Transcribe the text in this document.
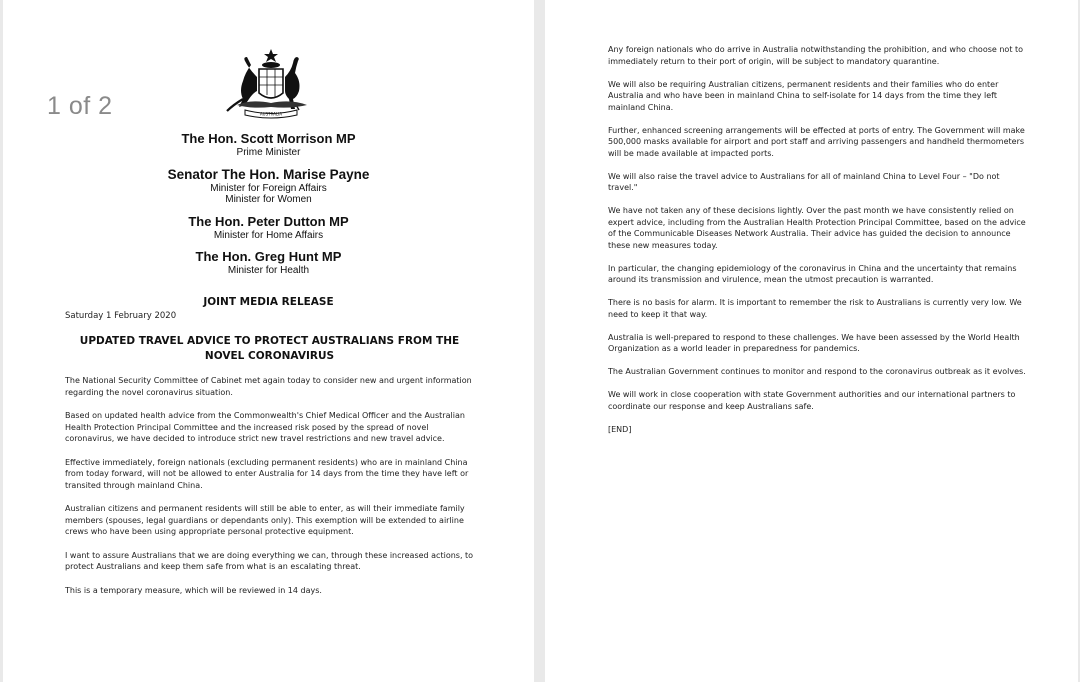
1 of 2	AUSTRALIA
The Hon. Scott Morrison MP
Prime Minister
Senator The Hon. Marise Payne
Minister for Foreign Affairs
Minister for Women
The Hon. Peter Dutton MP
Minister for Home Affairs
The Hon. Greg Hunt MP
Minister for Health
JOINT MEDIA RELEASE
Saturday 1 February 2020
UPDATED TRAVEL ADVICE TO PROTECT AUSTRALIANS FROM THE NOVEL CORONAVIRUS

The National Security Committee of Cabinet met again today to consider new and urgent information regarding the novel coronavirus situation.

Based on updated health advice from the Commonwealth's Chief Medical Officer and the Australian Health Protection Principal Committee and the increased risk posed by the spread of novel coronavirus, we have decided to introduce strict new travel restrictions and new travel advice.

Effective immediately, foreign nationals (excluding permanent residents) who are in mainland China from today forward, will not be allowed to enter Australia for 14 days from the time they have left or transited through mainland China.

Australian citizens and permanent residents will still be able to enter, as will their immediate family members (spouses, legal guardians or dependants only). This exemption will be extended to airline crews who have been using appropriate personal protective equipment.

I want to assure Australians that we are doing everything we can, through these increased actions, to protect Australians and keep them safe from what is an escalating threat.

This is a temporary measure, which will be reviewed in 14 days.

Any foreign nationals who do arrive in Australia notwithstanding the prohibition, and who choose not to immediately return to their port of origin, will be subject to mandatory quarantine.

We will also be requiring Australian citizens, permanent residents and their families who do enter Australia and who have been in mainland China to self-isolate for 14 days from the time they left mainland China.

Further, enhanced screening arrangements will be effected at ports of entry. The Government will make 500,000 masks available for airport and port staff and arriving passengers and handheld thermometers will be made available at impacted ports.

We will also raise the travel advice to Australians for all of mainland China to Level Four – "Do not travel."

We have not taken any of these decisions lightly. Over the past month we have consistently relied on expert advice, including from the Australian Health Protection Principal Committee, based on the advice of the Communicable Diseases Network Australia. Their advice has guided the decision to announce these new measures today.

In particular, the changing epidemiology of the coronavirus in China and the uncertainty that remains around its transmission and virulence, mean the utmost precaution is warranted.

There is no basis for alarm. It is important to remember the risk to Australians is currently very low. We need to keep it that way.

Australia is well-prepared to respond to these challenges. We have been assessed by the World Health Organization as a world leader in preparedness for pandemics.

The Australian Government continues to monitor and respond to the coronavirus outbreak as it evolves.

We will work in close cooperation with state Government authorities and our international partners to coordinate our response and keep Australians safe.

[END]
